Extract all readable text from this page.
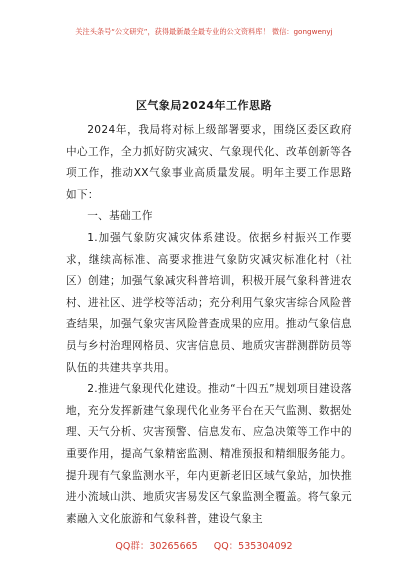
关注头条号“公文研究”，获得最新最全最专业的公文资料库！ 微信：gongwenyj
区气象局2024年工作思路

2024年，我局将对标上级部署要求，围绕区委区政府中心工作，全力抓好防灾减灾、气象现代化、改革创新等各项工作，推动XX气象事业高质量发展。明年主要工作思路如下：

一、基础工作

1.加强气象防灾减灾体系建设。依据乡村振兴工作要求，继续高标准、高要求推进气象防灾减灾标准化村（社区）创建；加强气象减灾科普培训，积极开展气象科普进农村、进社区、进学校等活动；充分利用气象灾害综合风险普查结果，加强气象灾害风险普查成果的应用。推动气象信息员与乡村治理网格员、灾害信息员、地质灾害群测群防员等队伍的共建共享共用。

2.推进气象现代化建设。推动“十四五”规划项目建设落地，充分发挥新建气象现代化业务平台在天气监测、数据处理、天气分析、灾害预警、信息发布、应急决策等工作中的重要作用，提高气象精密监测、精准预报和精细服务能力。提升现有气象监测水平，年内更新老旧区域气象站，加快推进小流域山洪、地质灾害易发区气象监测全覆盖。将气象元素融入文化旅游和气象科普，建设气象主

QQ群：30265665 QQ：535304092
